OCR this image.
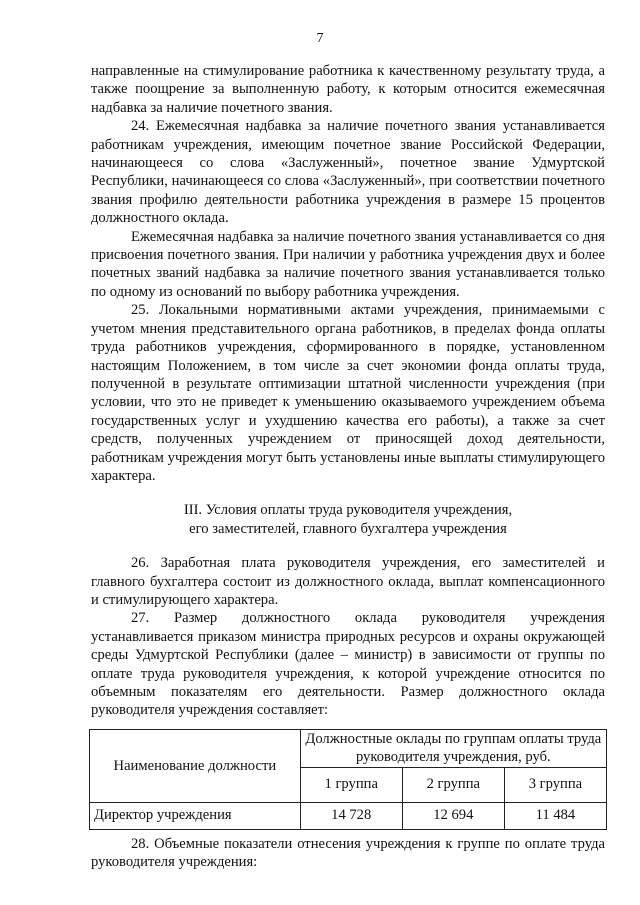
7

направленные на стимулирование работника к качественному результату труда, а также поощрение за выполненную работу, к которым относится ежемесячная надбавка за наличие почетного звания.

24. Ежемесячная надбавка за наличие почетного звания устанавливается работникам учреждения, имеющим почетное звание Российской Федерации, начинающееся со слова «Заслуженный», почетное звание Удмуртской Республики, начинающееся со слова «Заслуженный», при соответствии почетного звания профилю деятельности работника учреждения в размере 15 процентов должностного оклада.

Ежемесячная надбавка за наличие почетного звания устанавливается со дня присвоения почетного звания. При наличии у работника учреждения двух и более почетных званий надбавка за наличие почетного звания устанавливается только по одному из оснований по выбору работника учреждения.

25. Локальными нормативными актами учреждения, принимаемыми с учетом мнения представительного органа работников, в пределах фонда оплаты труда работников учреждения, сформированного в порядке, установленном настоящим Положением, в том числе за счет экономии фонда оплаты труда, полученной в результате оптимизации штатной численности учреждения (при условии, что это не приведет к уменьшению оказываемого учреждением объема государственных услуг и ухудшению качества его работы), а также за счет средств, полученных учреждением от приносящей доход деятельности, работникам учреждения могут быть установлены иные выплаты стимулирующего характера.

III. Условия оплаты труда руководителя учреждения,
его заместителей, главного бухгалтера учреждения

26. Заработная плата руководителя учреждения, его заместителей и главного бухгалтера состоит из должностного оклада, выплат компенсационного и стимулирующего характера.

27. Размер должностного оклада руководителя учреждения устанавливается приказом министра природных ресурсов и охраны окружающей среды Удмуртской Республики (далее – министр) в зависимости от группы по оплате труда руководителя учреждения, к которой учреждение относится по объемным показателям его деятельности. Размер должностного оклада руководителя учреждения составляет:

Наименование должности	Должностные оклады по группам оплаты труда руководителя учреждения, руб.		
	1 группа	2 группа	3 группа
Директор учреждения	14 728	12 694	11 484

28. Объемные показатели отнесения учреждения к группе по оплате труда руководителя учреждения:
